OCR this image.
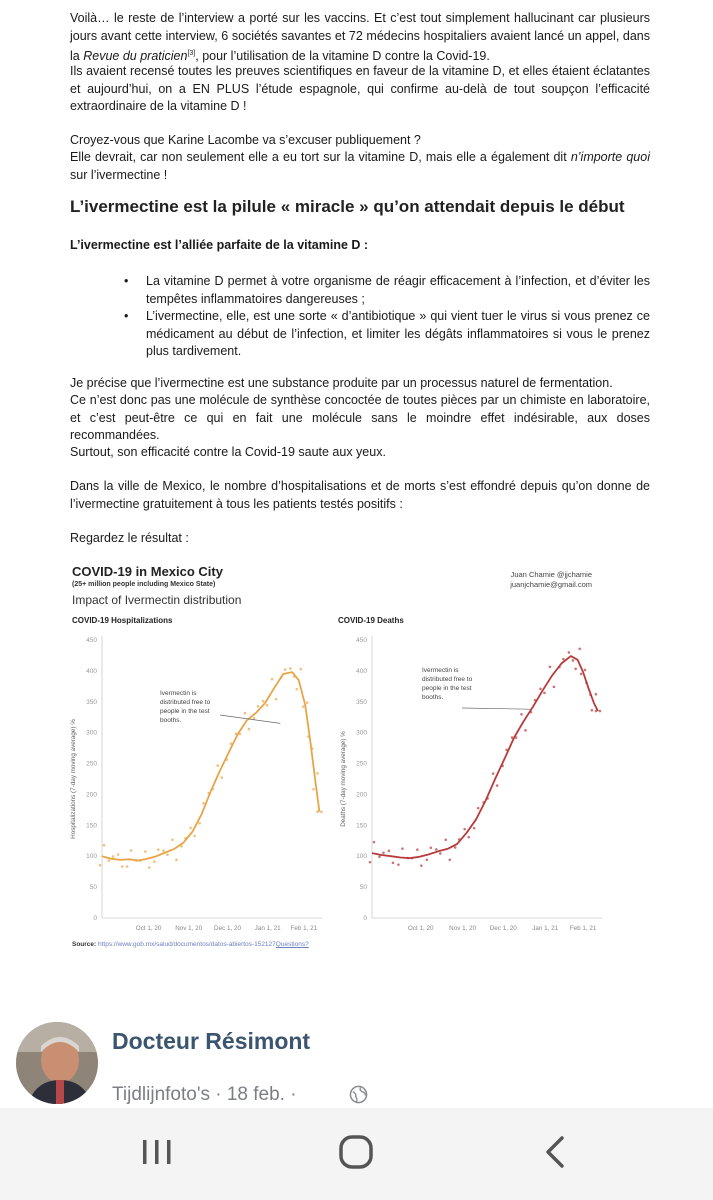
Voilà… le reste de l’interview a porté sur les vaccins. Et c’est tout simplement hallucinant car plusieurs jours avant cette interview, 6 sociétés savantes et 72 médecins hospitaliers avaient lancé un appel, dans la Revue du praticien[3], pour l’utilisation de la vitamine D contre la Covid-19.

Ils avaient recensé toutes les preuves scientifiques en faveur de la vitamine D, et elles étaient éclatantes et aujourd’hui, on a EN PLUS l’étude espagnole, qui confirme au-delà de tout soupçon l’efficacité extraordinaire de la vitamine D !

Croyez-vous que Karine Lacombe va s’excuser publiquement ?

Elle devrait, car non seulement elle a eu tort sur la vitamine D, mais elle a également dit n’importe quoi sur l’ivermectine !

L’ivermectine est la pilule « miracle » qu’on attendait depuis le début
L’ivermectine est l’alliée parfaite de la vitamine D :
• La vitamine D permet à votre organisme de réagir efficacement à l’infection, et d’éviter les tempêtes inflammatoires dangereuses ;
• L’ivermectine, elle, est une sorte « d’antibiotique » qui vient tuer le virus si vous prenez ce médicament au début de l’infection, et limiter les dégâts inflammatoires si vous le prenez plus tardivement.

Je précise que l’ivermectine est une substance produite par un processus naturel de fermentation.

Ce n’est donc pas une molécule de synthèse concoctée de toutes pièces par un chimiste en laboratoire, et c’est peut-être ce qui en fait une molécule sans le moindre effet indésirable, aux doses recommandées.

Surtout, son efficacité contre la Covid-19 saute aux yeux.

Dans la ville de Mexico, le nombre d’hospitalisations et de morts s’est effondré depuis qu’on donne de l’ivermectine gratuitement à tous les patients testés positifs :

Regardez le résultat :

COVID-19 in Mexico City
(25+ million people including Mexico State)
Impact of Ivermectin distribution
Juan Chamie @jjchamie
juanjchamie@gmail.com
COVID-19 Hospitalizations
0
50
100
150
200
250
300
350
400
450
Oct 1, 20 Nov 1, 20 Dec 1, 20 Jan 1, 21 Feb 1, 21
Hospitalizations (7-day moving average) %
Ivermectin is
distributed free to
people in the test
booths.
COVID-19 Deaths
0
50
100
150
200
250
300
350
400
450
Oct 1, 20 Nov 1, 20 Dec 1, 20 Jan 1, 21 Feb 1, 21
Deaths (7-day moving average) %
Ivermectin is
distributed free to
people in the test
booths.
Source: https://www.gob.mx/salud/documentos/datos-abiertos-152127Questions?
Docteur Résimont
Tijdlijnfoto's · 18 feb. ·
